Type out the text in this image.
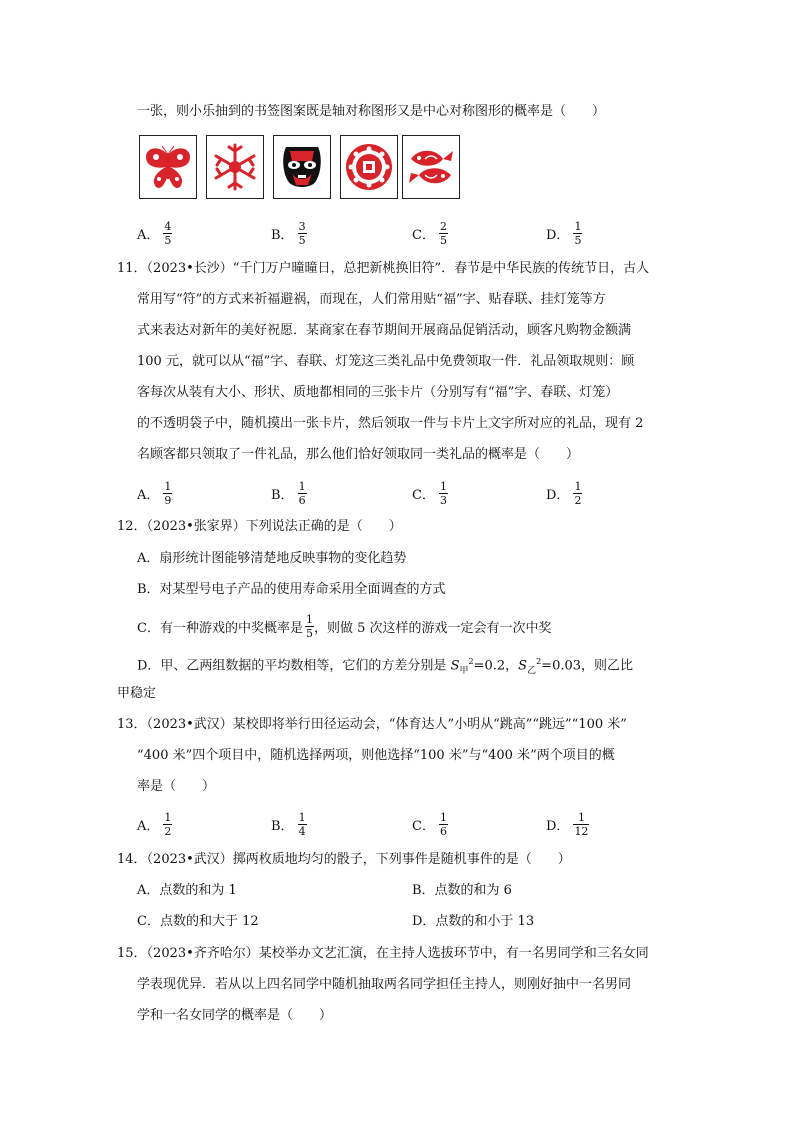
一张，则小乐抽到的书签图案既是轴对称图形又是中心对称图形的概率是（　　）
A． $\frac{4}{5}$	B． $\frac{3}{5}$	C． $\frac{2}{5}$	D． $\frac{1}{5}$
11．（2023•长沙）“千门万户曈曈日，总把新桃换旧符”．春节是中华民族的传统节日，古人
常用写“符”的方式来祈福避祸，而现在，人们常用贴“福”字、贴春联、挂灯笼等方
式来表达对新年的美好祝愿．某商家在春节期间开展商品促销活动，顾客凡购物金额满
100 元，就可以从“福”字、春联、灯笼这三类礼品中免费领取一件．礼品领取规则：顾
客每次从装有大小、形状、质地都相同的三张卡片（分别写有“福”字、春联、灯笼）
的不透明袋子中，随机摸出一张卡片，然后领取一件与卡片上文字所对应的礼品，现有 2
名顾客都只领取了一件礼品，那么他们恰好领取同一类礼品的概率是（　　）
A． $\frac{1}{9}$	B． $\frac{1}{6}$	C． $\frac{1}{3}$	D． $\frac{1}{2}$
12．（2023•张家界）下列说法正确的是（　　）
A．扇形统计图能够清楚地反映事物的变化趋势
B．对某型号电子产品的使用寿命采用全面调查的方式
C．有一种游戏的中奖概率是 $\frac{1}{5}$ ，则做 5 次这样的游戏一定会有一次中奖
D．甲、乙两组数据的平均数相等，它们的方差分别是 $S_甲^2=0.2$，$S_乙^2=0.03$，则乙比
甲稳定
13．（2023•武汉）某校即将举行田径运动会，“体育达人”小明从“跳高”“跳远”“100 米”
“400 米”四个项目中，随机选择两项，则他选择“100 米”与“400 米”两个项目的概
率是（　　）
A． $\frac{1}{2}$	B． $\frac{1}{4}$	C． $\frac{1}{6}$	D． $\frac{1}{12}$
14．（2023•武汉）掷两枚质地均匀的骰子，下列事件是随机事件的是（　　）
A．点数的和为 1	B．点数的和为 6
C．点数的和大于 12	D．点数的和小于 13
15．（2023•齐齐哈尔）某校举办文艺汇演，在主持人选拔环节中，有一名男同学和三名女同
学表现优异．若从以上四名同学中随机抽取两名同学担任主持人，则刚好抽中一名男同
学和一名女同学的概率是（　　）
